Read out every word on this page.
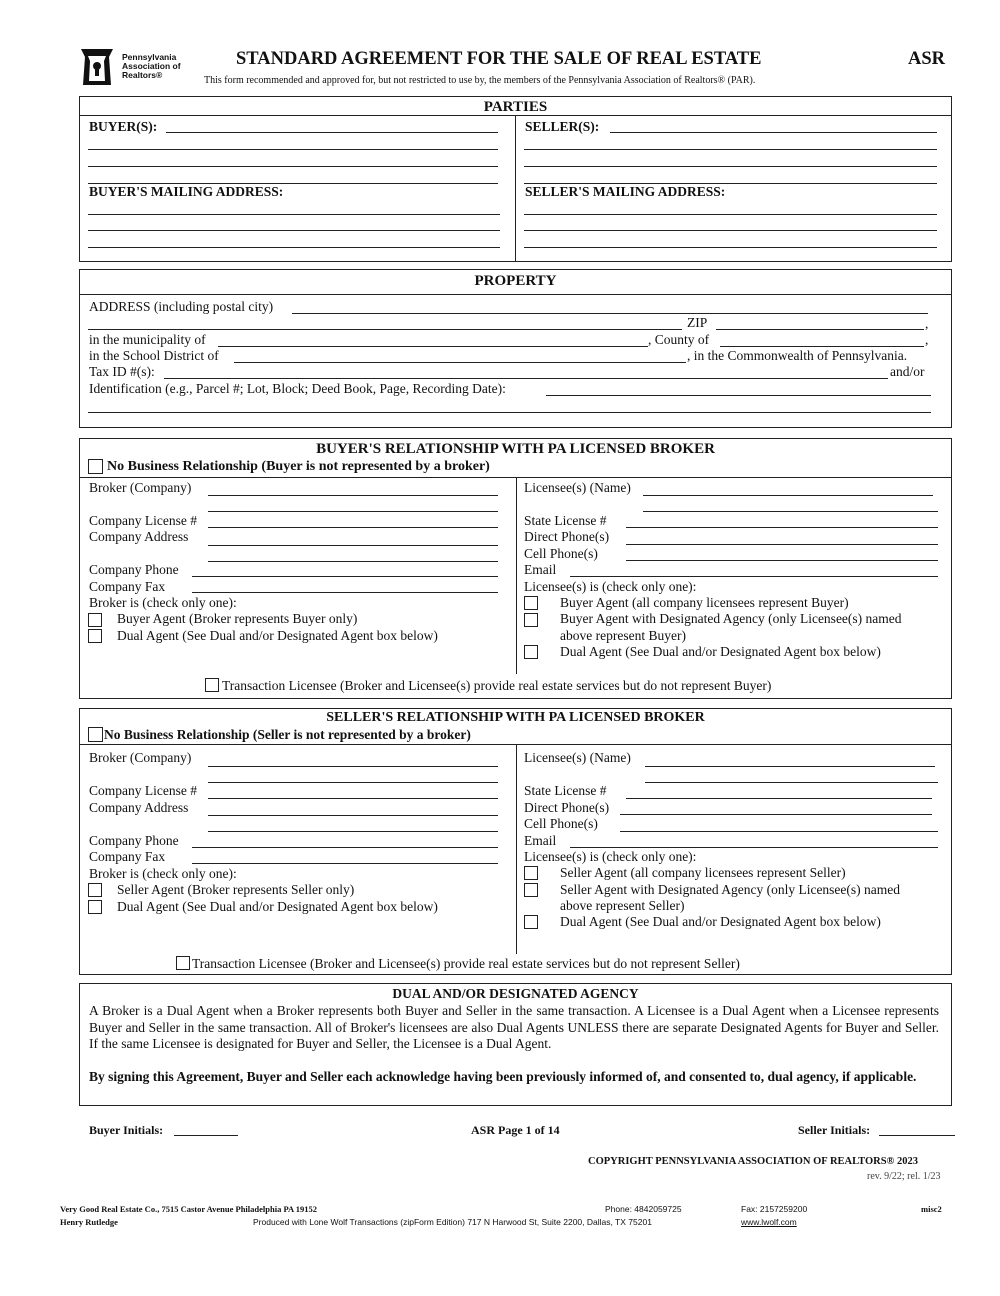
Pennsylvania
Association of
Realtors®
STANDARD AGREEMENT FOR THE SALE OF REAL ESTATE	ASR
This form recommended and approved for, but not restricted to use by, the members of the Pennsylvania Association of Realtors® (PAR).
PARTIES
BUYER(S):
BUYER'S MAILING ADDRESS:
SELLER(S):
SELLER'S MAILING ADDRESS:
PROPERTY
ADDRESS (including postal city)
ZIP	,
in the municipality of	, County of	,
in the School District of	, in the Commonwealth of Pennsylvania.
Tax ID #(s):	and/or
Identification (e.g., Parcel #; Lot, Block; Deed Book, Page, Recording Date):
BUYER'S RELATIONSHIP WITH PA LICENSED BROKER
No Business Relationship (Buyer is not represented by a broker)
Broker (Company)
Company License #
Company Address
Company Phone
Company Fax
Broker is (check only one):
Buyer Agent (Broker represents Buyer only)
Dual Agent (See Dual and/or Designated Agent box below)
Licensee(s) (Name)
State License #
Direct Phone(s)
Cell Phone(s)
Email
Licensee(s) is (check only one):
Buyer Agent (all company licensees represent Buyer)
Buyer Agent with Designated Agency (only Licensee(s) named
above represent Buyer)
Dual Agent (See Dual and/or Designated Agent box below)
Transaction Licensee (Broker and Licensee(s) provide real estate services but do not represent Buyer)
SELLER'S RELATIONSHIP WITH PA LICENSED BROKER
No Business Relationship (Seller is not represented by a broker)
Broker (Company)
Company License #
Company Address
Company Phone
Company Fax
Broker is (check only one):
Seller Agent (Broker represents Seller only)
Dual Agent (See Dual and/or Designated Agent box below)
Licensee(s) (Name)
State License #
Direct Phone(s)
Cell Phone(s)
Email
Licensee(s) is (check only one):
Seller Agent (all company licensees represent Seller)
Seller Agent with Designated Agency (only Licensee(s) named
above represent Seller)
Dual Agent (See Dual and/or Designated Agent box below)
Transaction Licensee (Broker and Licensee(s) provide real estate services but do not represent Seller)
DUAL AND/OR DESIGNATED AGENCY
A Broker is a Dual Agent when a Broker represents both Buyer and Seller in the same transaction. A Licensee is a Dual Agent when a Licensee represents Buyer and Seller in the same transaction. All of Broker's licensees are also Dual Agents UNLESS there are separate Designated Agents for Buyer and Seller. If the same Licensee is designated for Buyer and Seller, the Licensee is a Dual Agent.
By signing this Agreement, Buyer and Seller each acknowledge having been previously informed of, and consented to, dual agency, if applicable.
Buyer Initials:	ASR Page 1 of 14	Seller Initials:
COPYRIGHT PENNSYLVANIA ASSOCIATION OF REALTORS® 2023
rev. 9/22; rel. 1/23
Very Good Real Estate Co., 7515 Castor Avenue Philadelphia PA 19152
Henry Rutledge
Phone: 4842059725	Fax: 2157259200	misc2
Produced with Lone Wolf Transactions (zipForm Edition) 717 N Harwood St, Suite 2200, Dallas, TX 75201	www.lwolf.com
